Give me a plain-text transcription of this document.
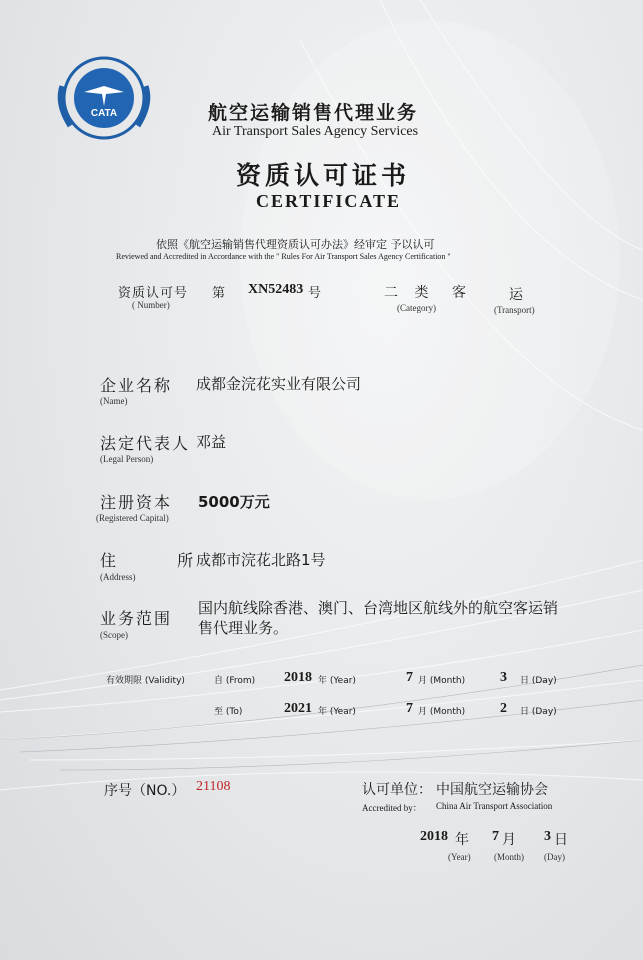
CATA	航空运输销售代理业务
Air Transport Sales Agency Services
资质认可证书
CERTIFICATE
依照《航空运输销售代理资质认可办法》经审定 予以认可
Reviewed and Accredited in Accordance with the " Rules For Air Transport Sales Agency Certification "
资质认可号
( Number)
第 XN52483 号	二 类
(Category)
客	运
(Transport)
企业名称
(Name)
成都金浣花实业有限公司
法定代表人
(Legal Person)
邓益
注册资本
(Registered Capital)
5000万元
住 所
(Address)
成都市浣花北路1号
业务范围
(Scope)
国内航线除香港、澳门、台湾地区航线外的航空客运销
售代理业务。
有效期限 (Validity)	自 (From) 2018 年 (Year)	7 月 (Month) 3 日 (Day)
至 (To)	2021 年 (Year)	7 月 (Month) 2 日 (Day)
序号（NO.） 21108	认可单位： 中国航空运输协会
Accredited by： China Air Transport Association
2018 年 7 月 3 日
(Year)	(Month) (Day)
